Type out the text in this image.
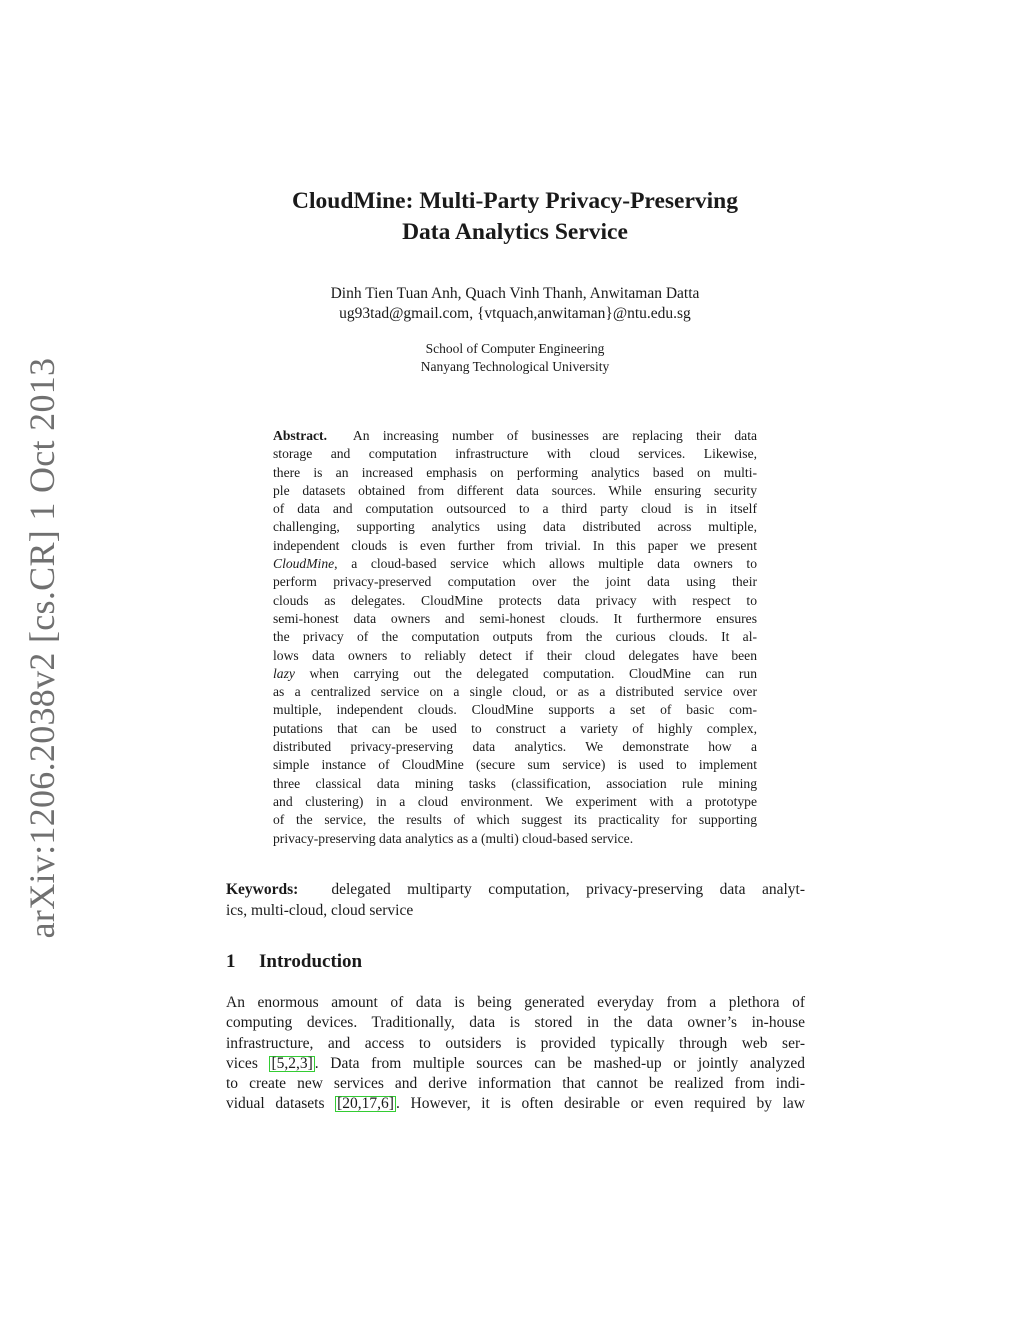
arXiv:1206.2038v2 [cs.CR] 1 Oct 2013
CloudMine: Multi-Party Privacy-Preserving
Data Analytics Service
Dinh Tien Tuan Anh, Quach Vinh Thanh, Anwitaman Datta
ug93tad@gmail.com, {vtquach,anwitaman}@ntu.edu.sg
School of Computer Engineering
Nanyang Technological University
Abstract. An increasing number of businesses are replacing their data
storage and computation infrastructure with cloud services. Likewise,
there is an increased emphasis on performing analytics based on multi-
ple datasets obtained from different data sources. While ensuring security
of data and computation outsourced to a third party cloud is in itself
challenging, supporting analytics using data distributed across multiple,
independent clouds is even further from trivial. In this paper we present
CloudMine, a cloud-based service which allows multiple data owners to
perform privacy-preserved computation over the joint data using their
clouds as delegates. CloudMine protects data privacy with respect to
semi-honest data owners and semi-honest clouds. It furthermore ensures
the privacy of the computation outputs from the curious clouds. It al-
lows data owners to reliably detect if their cloud delegates have been
lazy when carrying out the delegated computation. CloudMine can run
as a centralized service on a single cloud, or as a distributed service over
multiple, independent clouds. CloudMine supports a set of basic com-
putations that can be used to construct a variety of highly complex,
distributed privacy-preserving data analytics. We demonstrate how a
simple instance of CloudMine (secure sum service) is used to implement
three classical data mining tasks (classification, association rule mining
and clustering) in a cloud environment. We experiment with a prototype
of the service, the results of which suggest its practicality for supporting
privacy-preserving data analytics as a (multi) cloud-based service.
Keywords: delegated multiparty computation, privacy-preserving data analyt-
ics, multi-cloud, cloud service
1 Introduction
An enormous amount of data is being generated everyday from a plethora of
computing devices. Traditionally, data is stored in the data owner’s in-house
infrastructure, and access to outsiders is provided typically through web ser-
vices [5,2,3] . Data from multiple sources can be mashed-up or jointly analyzed
to create new services and derive information that cannot be realized from indi-
vidual datasets [20,17,6] . However, it is often desirable or even required by law
